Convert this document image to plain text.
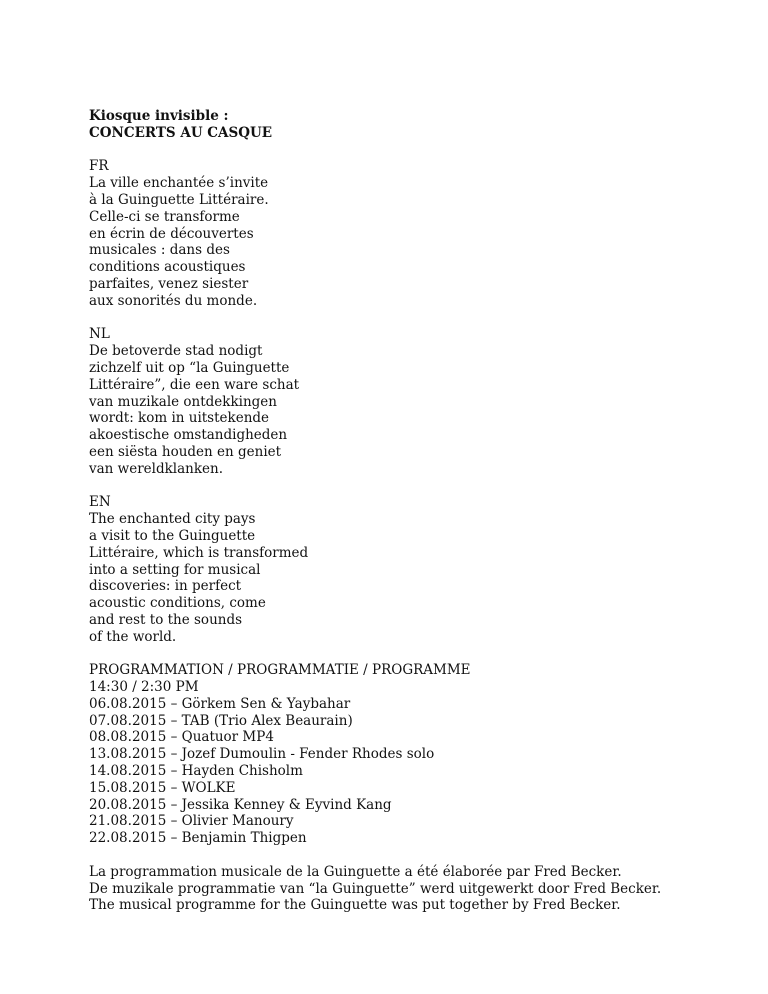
Kiosque invisible :
CONCERTS AU CASQUE
FR
La ville enchantée s’invite
à la Guinguette Littéraire.
Celle-ci se transforme
en écrin de découvertes
musicales : dans des
conditions acoustiques
parfaites, venez siester
aux sonorités du monde.
NL
De betoverde stad nodigt
zichzelf uit op “la Guinguette
Littéraire”, die een ware schat
van muzikale ontdekkingen
wordt: kom in uitstekende
akoestische omstandigheden
een siësta houden en geniet
van wereldklanken.
EN
The enchanted city pays
a visit to the Guinguette
Littéraire, which is transformed
into a setting for musical
discoveries: in perfect
acoustic conditions, come
and rest to the sounds
of the world.
PROGRAMMATION / PROGRAMMATIE / PROGRAMME
14:30 / 2:30 PM
06.08.2015 – Görkem Sen & Yaybahar
07.08.2015 – TAB (Trio Alex Beaurain)
08.08.2015 – Quatuor MP4
13.08.2015 – Jozef Dumoulin - Fender Rhodes solo
14.08.2015 – Hayden Chisholm
15.08.2015 – WOLKE
20.08.2015 – Jessika Kenney & Eyvind Kang
21.08.2015 – Olivier Manoury
22.08.2015 – Benjamin Thigpen
La programmation musicale de la Guinguette a été élaborée par Fred Becker.
De muzikale programmatie van “la Guinguette” werd uitgewerkt door Fred Becker.
The musical programme for the Guinguette was put together by Fred Becker.
